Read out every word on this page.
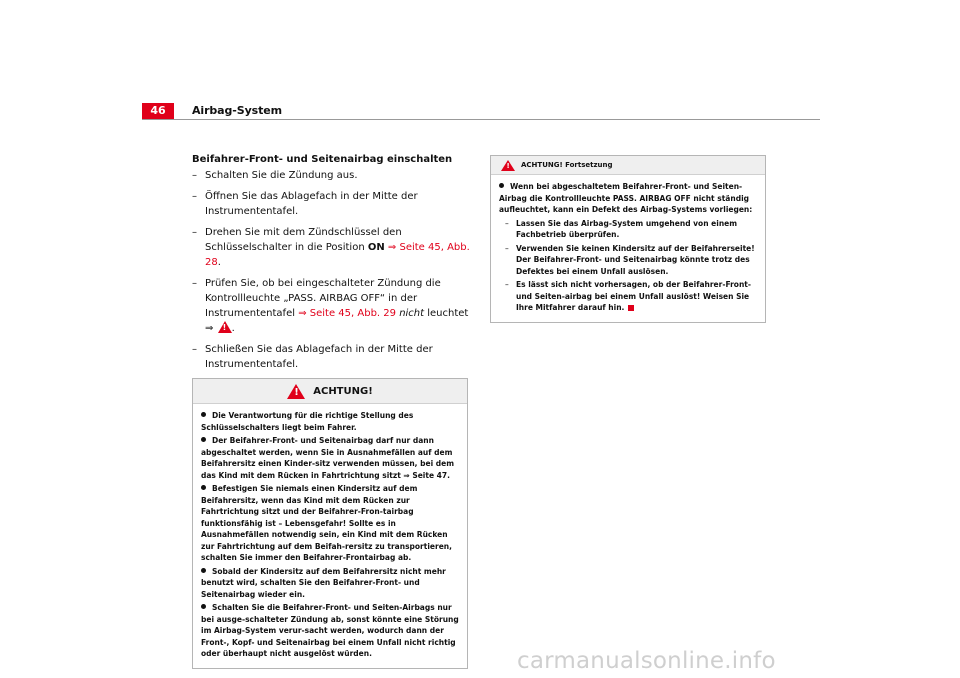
46	Airbag-System
Beifahrer-Front- und Seitenairbag einschalten
– Schalten Sie die Zündung aus.
– Öffnen Sie das Ablagefach in der Mitte der Instrumententafel.
– Drehen Sie mit dem Zündschlüssel den Schlüsselschalter in die Position ON ⇒ Seite 45, Abb. 28.
– Prüfen Sie, ob bei eingeschalteter Zündung die Kontrollleuchte „PASS. AIRBAG OFF“ in der Instrumententafel ⇒ Seite 45, Abb. 29 nicht leuchtet ⇒ !.
– Schließen Sie das Ablagefach in der Mitte der Instrumententafel.
!
ACHTUNG!
Die Verantwortung für die richtige Stellung des Schlüsselschalters liegt beim Fahrer.
Der Beifahrer-Front- und Seitenairbag darf nur dann abgeschaltet werden, wenn Sie in Ausnahmefällen auf dem Beifahrersitz einen Kinder-sitz verwenden müssen, bei dem das Kind mit dem Rücken in Fahrtrichtung sitzt ⇒ Seite 47.
Befestigen Sie niemals einen Kindersitz auf dem Beifahrersitz, wenn das Kind mit dem Rücken zur Fahrtrichtung sitzt und der Beifahrer-Fron-tairbag funktionsfähig ist – Lebensgefahr! Sollte es in Ausnahmefällen notwendig sein, ein Kind mit dem Rücken zur Fahrtrichtung auf dem Beifah-rersitz zu transportieren, schalten Sie immer den Beifahrer-Frontairbag ab.
Sobald der Kindersitz auf dem Beifahrersitz nicht mehr benutzt wird, schalten Sie den Beifahrer-Front- und Seitenairbag wieder ein.
Schalten Sie die Beifahrer-Front- und Seiten-Airbags nur bei ausge-schalteter Zündung ab, sonst könnte eine Störung im Airbag-System verur-sacht werden, wodurch dann der Front-, Kopf- und Seitenairbag bei einem Unfall nicht richtig oder überhaupt nicht ausgelöst würden.
!
ACHTUNG! Fortsetzung
Wenn bei abgeschaltetem Beifahrer-Front- und Seiten-Airbag die Kontrollleuchte PASS. AIRBAG OFF nicht ständig aufleuchtet, kann ein Defekt des Airbag-Systems vorliegen:
– Lassen Sie das Airbag-System umgehend von einem Fachbetrieb überprüfen.
– Verwenden Sie keinen Kindersitz auf der Beifahrerseite! Der Beifahrer-Front- und Seitenairbag könnte trotz des Defektes bei einem Unfall auslösen.
– Es lässt sich nicht vorhersagen, ob der Beifahrer-Front- und Seiten-airbag bei einem Unfall auslöst! Weisen Sie Ihre Mitfahrer darauf hin.
carmanualsonline.info
